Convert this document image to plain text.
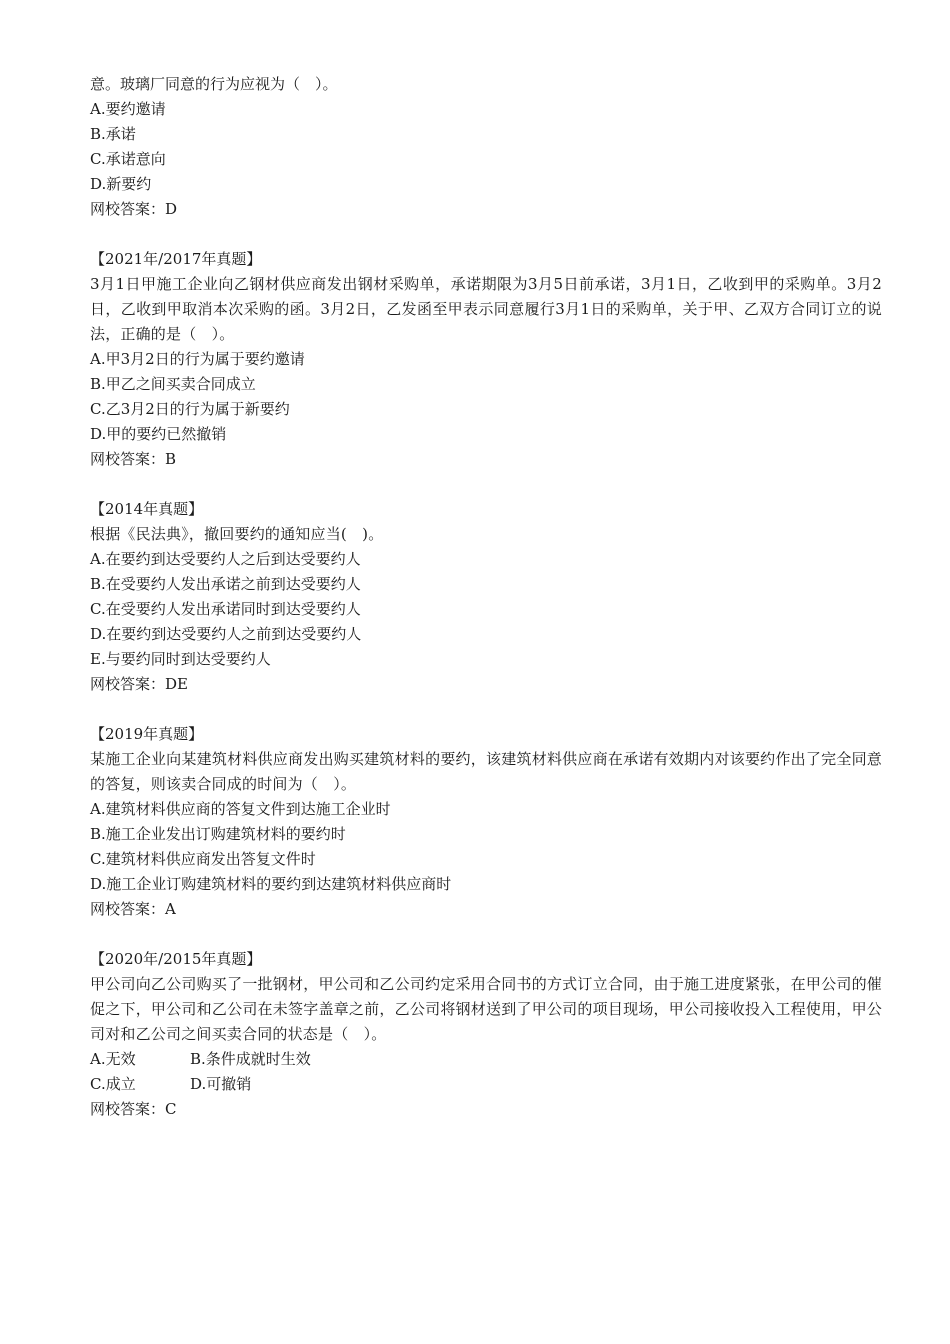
意。玻璃厂同意的行为应视为（　）。
A.要约邀请
B.承诺
C.承诺意向
D.新要约
网校答案：D
【2021年/2017年真题】
3月1日甲施工企业向乙钢材供应商发出钢材采购单，承诺期限为3月5日前承诺，3月1日，乙收到甲的采购单。3月2日，乙收到甲取消本次采购的函。3月2日，乙发函至甲表示同意履行3月1日的采购单，关于甲、乙双方合同订立的说法，正确的是（　）。
A.甲3月2日的行为属于要约邀请
B.甲乙之间买卖合同成立
C.乙3月2日的行为属于新要约
D.甲的要约已然撤销
网校答案：B
【2014年真题】
根据《民法典》，撤回要约的通知应当(　)。
A.在要约到达受要约人之后到达受要约人
B.在受要约人发出承诺之前到达受要约人
C.在受要约人发出承诺同时到达受要约人
D.在要约到达受要约人之前到达受要约人
E.与要约同时到达受要约人
网校答案：DE
【2019年真题】
某施工企业向某建筑材料供应商发出购买建筑材料的要约，该建筑材料供应商在承诺有效期内对该要约作出了完全同意的答复，则该卖合同成的时间为（　）。
A.建筑材料供应商的答复文件到达施工企业时
B.施工企业发出订购建筑材料的要约时
C.建筑材料供应商发出答复文件时
D.施工企业订购建筑材料的要约到达建筑材料供应商时
网校答案：A
【2020年/2015年真题】
甲公司向乙公司购买了一批钢材，甲公司和乙公司约定采用合同书的方式订立合同，由于施工进度紧张，在甲公司的催促之下，甲公司和乙公司在未签字盖章之前，乙公司将钢材送到了甲公司的项目现场，甲公司接收投入工程使用，甲公司对和乙公司之间买卖合同的状态是（　）。
A.无效	B.条件成就时生效
C.成立	D.可撤销
网校答案：C
